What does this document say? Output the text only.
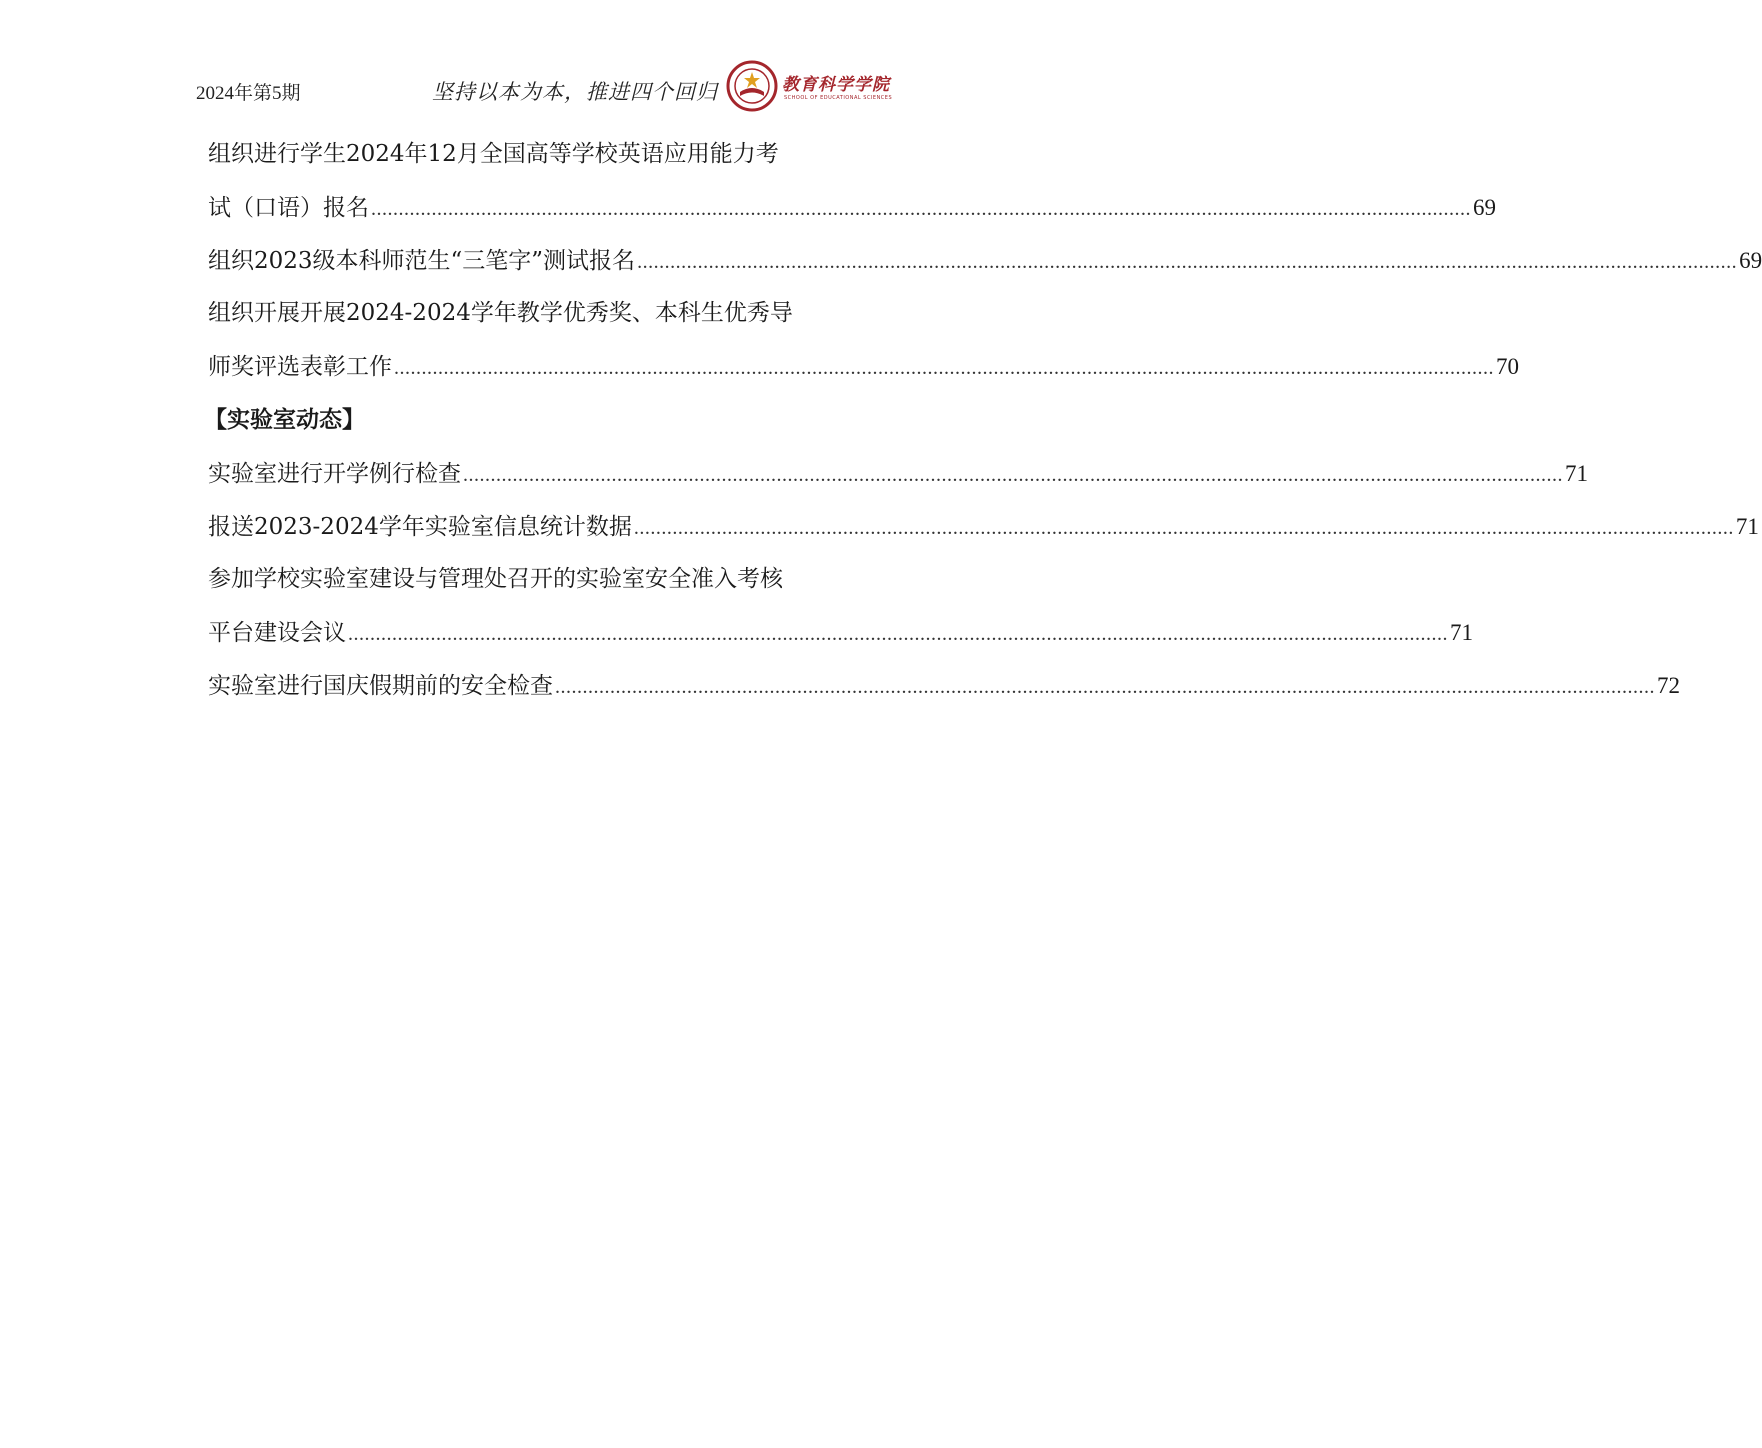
2024年第5期	坚持以本为本，推进四个回归	教育科学学院
SCHOOL OF EDUCATIONAL SCIENCES
组织进行学生2024年12月全国高等学校英语应用能力考
试（口语）报名 ........................................................................................................................................................................................................ 69
组织2023级本科师范生“三笔字”测试报名 ........................................................................................................................................................................................................ 69
组织开展开展2024-2024学年教学优秀奖、本科生优秀导
师奖评选表彰工作 ........................................................................................................................................................................................................ 70
【实验室动态】
实验室进行开学例行检查 ........................................................................................................................................................................................................ 71
报送2023-2024学年实验室信息统计数据 ........................................................................................................................................................................................................ 71
参加学校实验室建设与管理处召开的实验室安全准入考核
平台建设会议 ........................................................................................................................................................................................................ 71
实验室进行国庆假期前的安全检查 ........................................................................................................................................................................................................ 72
